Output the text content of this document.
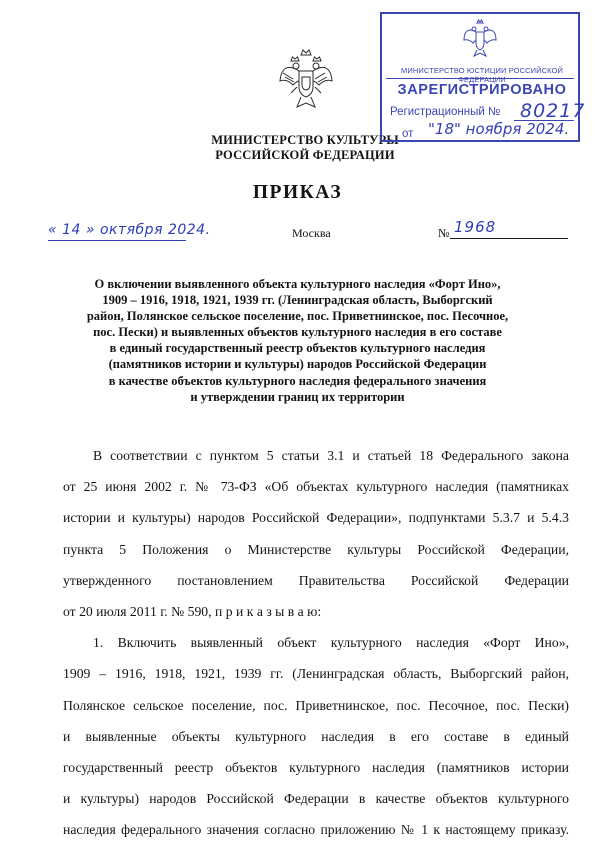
МИНИСТЕРСТВО КУЛЬТУРЫ
РОССИЙСКОЙ ФЕДЕРАЦИИ
МИНИСТЕРСТВО ЮСТИЦИИ РОССИЙСКОЙ ФЕДЕРАЦИИ
ЗАРЕГИСТРИРОВАНО
Регистрационный № 80217
от "18" ноября 2024.
ПРИКАЗ
« 14 » октября 2024.	Москва	№ 1968
О включении выявленного объекта культурного наследия «Форт Ино»,
1909 – 1916, 1918, 1921, 1939 гг. (Ленинградская область, Выборгский
район, Полянское сельское поселение, пос. Приветнинское, пос. Песочное,
пос. Пески) и выявленных объектов культурного наследия в его составе
в единый государственный реестр объектов культурного наследия
(памятников истории и культуры) народов Российской Федерации
в качестве объектов культурного наследия федерального значения
и утверждении границ их территории
В соответствии с пунктом 5 статьи 3.1 и статьей 18 Федерального закона
от 25 июня 2002 г. № 73-ФЗ «Об объектах культурного наследия (памятниках
истории и культуры) народов Российской Федерации», подпунктами 5.3.7 и 5.4.3
пункта 5 Положения о Министерстве культуры Российской Федерации,
утвержденного постановлением Правительства Российской Федерации
от 20 июля 2011 г. № 590, п р и к а з ы в а ю:
1. Включить выявленный объект культурного наследия «Форт Ино»,
1909 – 1916, 1918, 1921, 1939 гг. (Ленинградская область, Выборгский район,
Полянское сельское поселение, пос. Приветнинское, пос. Песочное, пос. Пески)
и выявленные объекты культурного наследия в его составе в единый
государственный реестр объектов культурного наследия (памятников истории
и культуры) народов Российской Федерации в качестве объектов культурного
наследия федерального значения согласно приложению № 1 к настоящему приказу.
